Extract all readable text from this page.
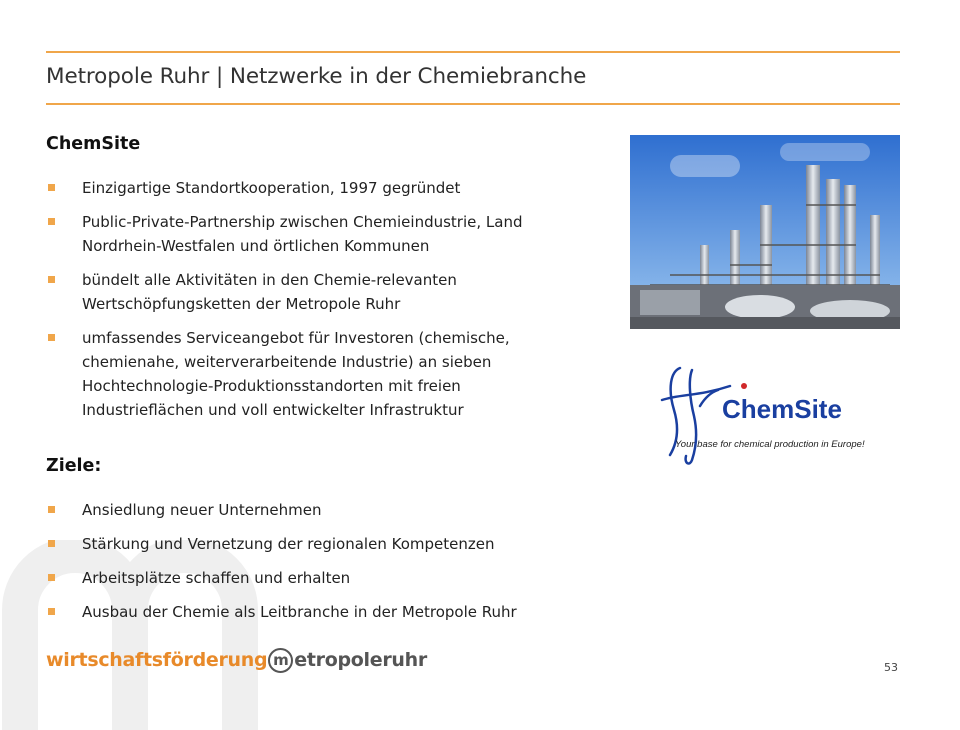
Metropole Ruhr | Netzwerke in der Chemiebranche
ChemSite
Einzigartige Standortkooperation, 1997 gegründet
Public-Private-Partnership zwischen Chemieindustrie, Land
Nordrhein-Westfalen und örtlichen Kommunen
bündelt alle Aktivitäten in den Chemie-relevanten
Wertschöpfungsketten der Metropole Ruhr
umfassendes Serviceangebot für Investoren (chemische,
chemienahe, weiterverarbeitende Industrie) an sieben
Hochtechnologie-Produktionsstandorten mit freien
Industrieflächen und voll entwickelter Infrastruktur
Ziele:
Ansiedlung neuer Unternehmen
Stärkung und Vernetzung der regionalen Kompetenzen
Arbeitsplätze schaffen und erhalten
Ausbau der Chemie als Leitbranche in der Metropole Ruhr
ChemSite
Your base for chemical production in Europe!
wirtschaftsförderung m etropoleruhr	53
